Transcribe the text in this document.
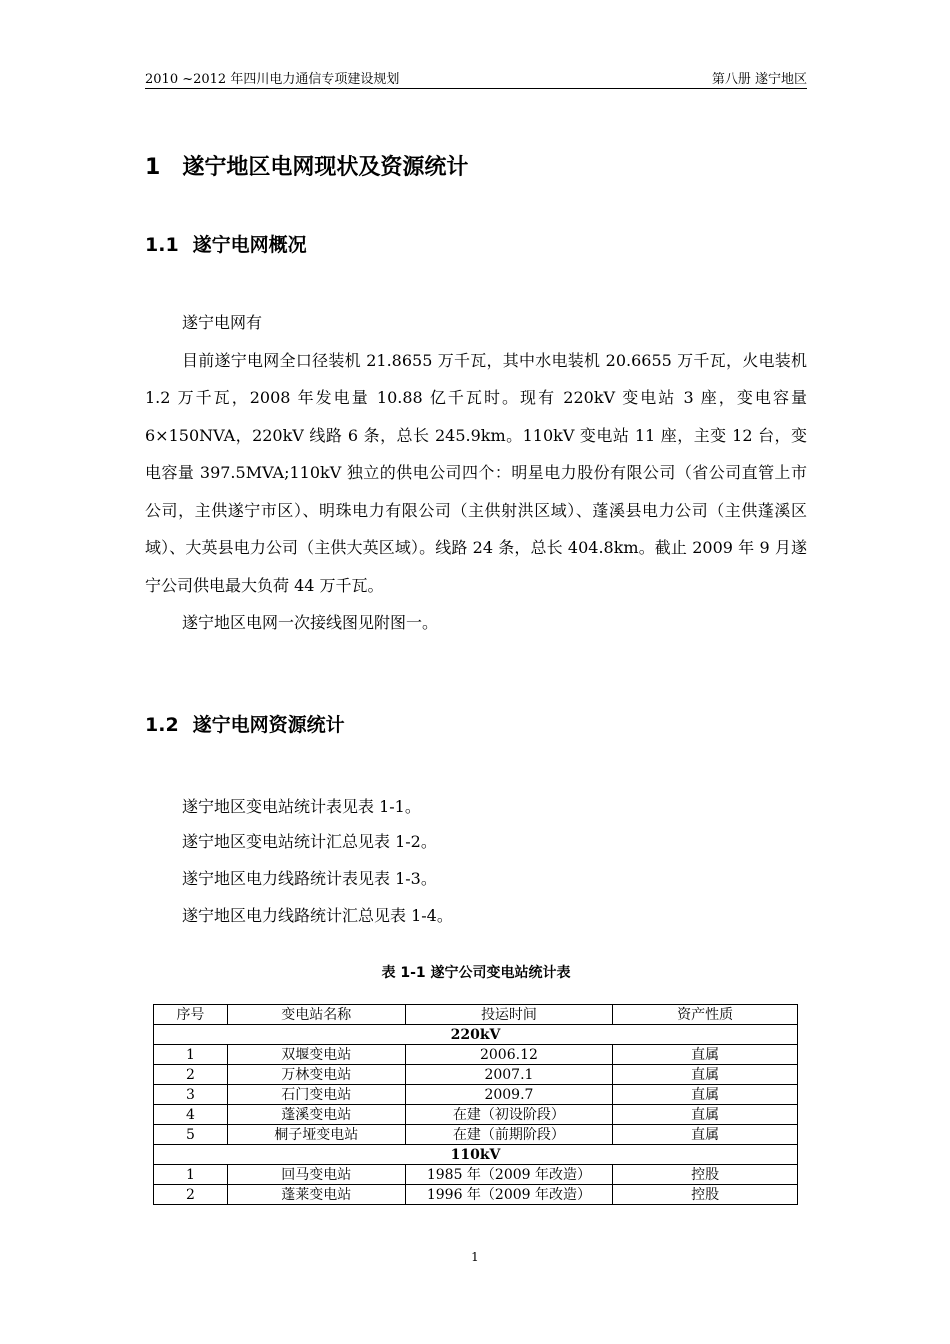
2010 ~2012 年四川电力通信专项建设规划	第八册 遂宁地区
1 遂宁地区电网现状及资源统计
1.1 遂宁电网概况

遂宁电网有

目前遂宁电网全口径装机 21.8655 万千瓦，其中水电装机 20.6655 万千瓦，火电装机 1.2 万千瓦，2008 年发电量 10.88 亿千瓦时。现有 220kV 变电站 3 座，变电容量 6×150NVA，220kV 线路 6 条，总长 245.9km。110kV 变电站 11 座，主变 12 台，变电容量 397.5MVA;110kV 独立的供电公司四个：明星电力股份有限公司（省公司直管上市公司，主供遂宁市区）、明珠电力有限公司（主供射洪区域）、蓬溪县电力公司（主供蓬溪区域）、大英县电力公司（主供大英区域）。线路 24 条，总长 404.8km。截止 2009 年 9 月遂宁公司供电最大负荷 44 万千瓦。

遂宁地区电网一次接线图见附图一。

1.2 遂宁电网资源统计
遂宁地区变电站统计表见表 1-1。
遂宁地区变电站统计汇总见表 1-2。
遂宁地区电力线路统计表见表 1-3。
遂宁地区电力线路统计汇总见表 1-4。
表 1-1 遂宁公司变电站统计表
序号	变电站名称	投运时间	资产性质
220kV			
1	双堰变电站	2006.12	直属
2	万林变电站	2007.1	直属
3	石门变电站	2009.7	直属
4	蓬溪变电站	在建（初设阶段）	直属
5	桐子垭变电站	在建（前期阶段）	直属
110kV			
1	回马变电站	1985 年（2009 年改造）	控股
2	蓬莱变电站	1996 年（2009 年改造）	控股
1
